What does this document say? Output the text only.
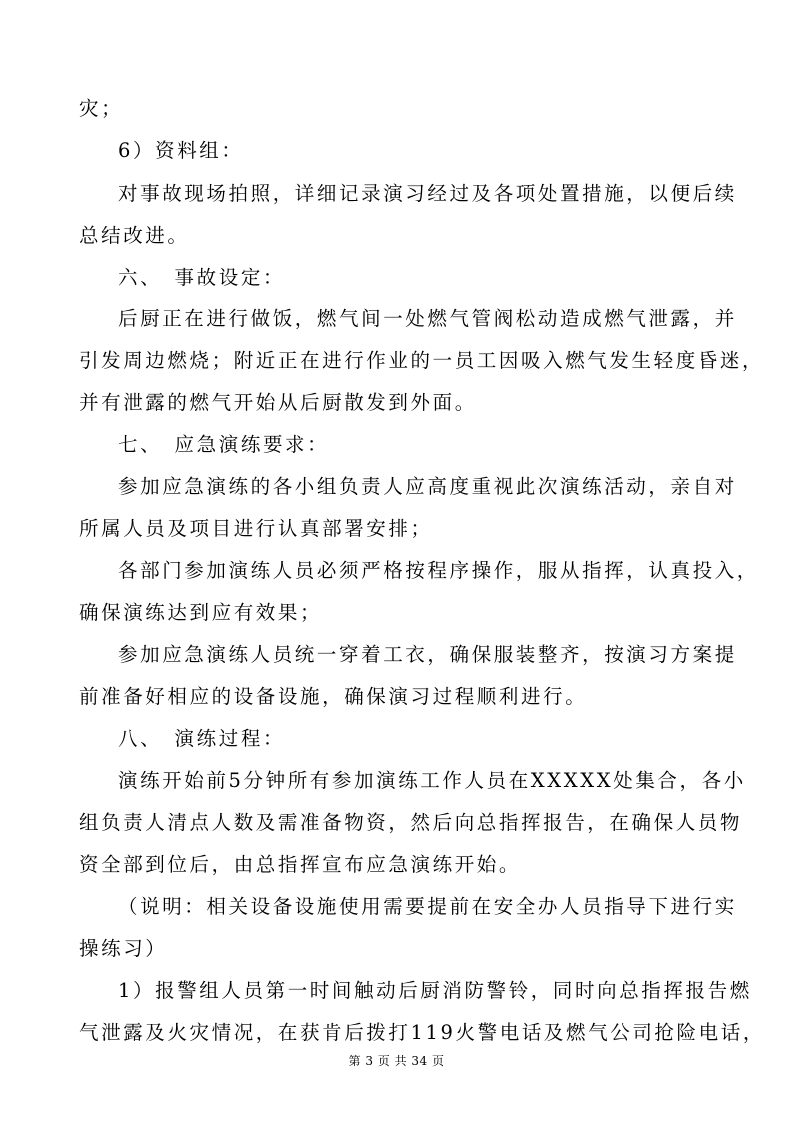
灾；
6）资料组：
对事故现场拍照，详细记录演习经过及各项处置措施，以便后续
总结改进。
六、　事故设定：
后厨正在进行做饭，燃气间一处燃气管阀松动造成燃气泄露，并
引发周边燃烧；附近正在进行作业的一员工因吸入燃气发生轻度昏迷，
并有泄露的燃气开始从后厨散发到外面。
七、　应急演练要求：
参加应急演练的各小组负责人应高度重视此次演练活动，亲自对
所属人员及项目进行认真部署安排；
各部门参加演练人员必须严格按程序操作，服从指挥，认真投入，
确保演练达到应有效果；
参加应急演练人员统一穿着工衣，确保服装整齐，按演习方案提
前准备好相应的设备设施，确保演习过程顺利进行。
八、　演练过程：
演练开始前5分钟所有参加演练工作人员在XXXXX处集合，各小
组负责人清点人数及需准备物资，然后向总指挥报告，在确保人员物
资全部到位后，由总指挥宣布应急演练开始。
（说明：相关设备设施使用需要提前在安全办人员指导下进行实
操练习）
1）报警组人员第一时间触动后厨消防警铃，同时向总指挥报告燃
气泄露及火灾情况，在获肯后拨打119火警电话及燃气公司抢险电话，
第 3 页 共 34 页
